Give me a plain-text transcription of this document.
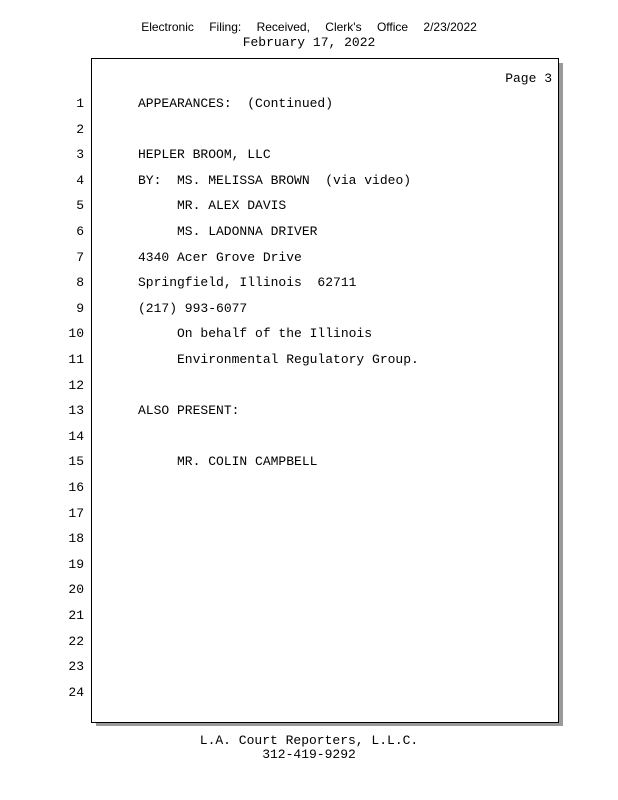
Electronic Filing: Received, Clerk's Office 2/23/2022
February 17, 2022
Page 3
1	APPEARANCES:  (Continued)
2
3	HEPLER BROOM, LLC
4	BY:  MS. MELISSA BROWN  (via video)
5	MR. ALEX DAVIS
6	MS. LADONNA DRIVER
7	4340 Acer Grove Drive
8	Springfield, Illinois  62711
9	(217) 993-6077
10	On behalf of the Illinois
11	Environmental Regulatory Group.
12
13	ALSO PRESENT:
14
15	MR. COLIN CAMPBELL
16
17
18
19
20
21
22
23
24
L.A. Court Reporters, L.L.C.
312-419-9292
